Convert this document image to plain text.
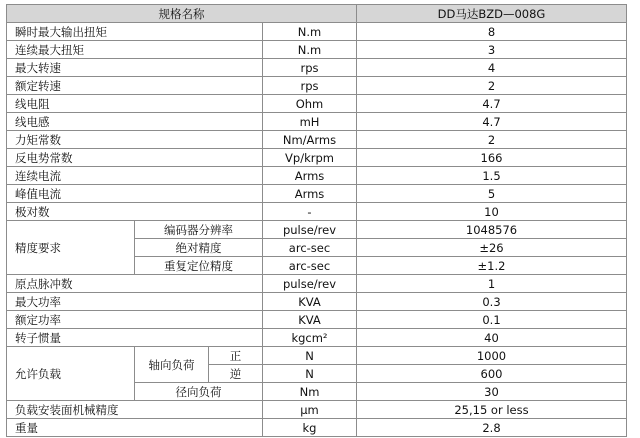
规格名称				DD马达BZD—008G
瞬时最大输出扭矩			N.m	8
连续最大扭矩			N.m	3
最大转速			rps	4
额定转速			rps	2
线电阻			Ohm	4.7
线电感			mH	4.7
力矩常数			Nm/Arms	2
反电势常数			Vp/krpm	166
连续电流			Arms	1.5
峰值电流			Arms	5
极对数			-	10
精度要求	编码器分辨率		pulse/rev	1048576
	绝对精度		arc-sec	±26
	重复定位精度		arc-sec	±1.2
原点脉冲数			pulse/rev	1
最大功率			KVA	0.3
额定功率			KVA	0.1
转子惯量			kgcm²	40
允许负载	轴向负荷	正	N	1000
		逆	N	600
	径向负荷		Nm	30
负载安装面机械精度			μm	25,15 or less
重量			kg	2.8
